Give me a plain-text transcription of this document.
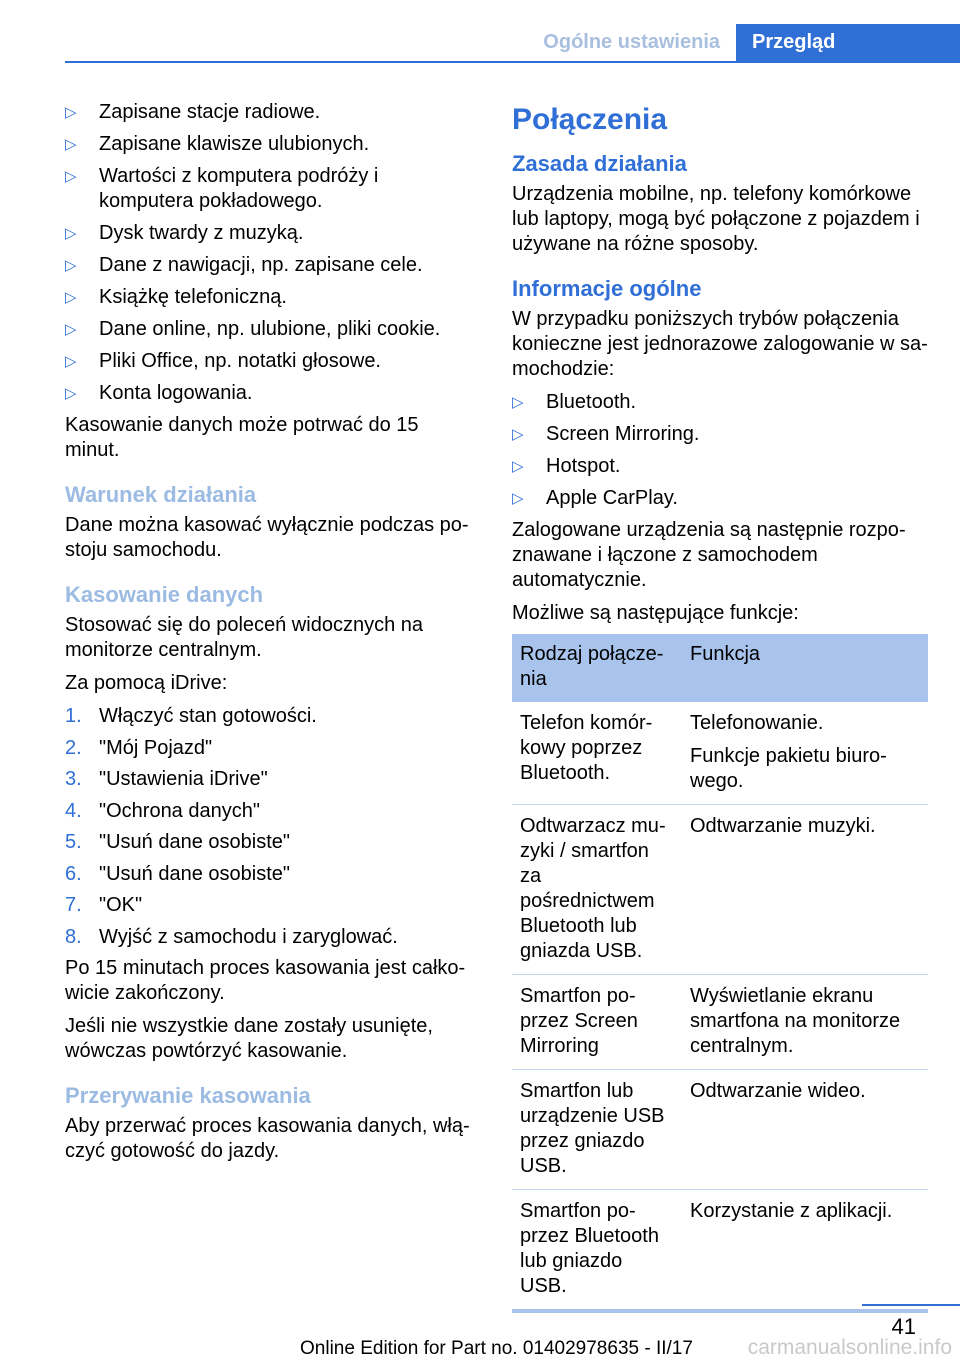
Ogólne ustawienia	Przegląd
▷ Zapisane stacje radiowe.
▷ Zapisane klawisze ulubionych.
▷ Wartości z komputera podróży i komputera pokładowego.
▷ Dysk twardy z muzyką.
▷ Dane z nawigacji, np. zapisane cele.
▷ Książkę telefoniczną.
▷ Dane online, np. ulubione, pliki cookie.
▷ Pliki Office, np. notatki głosowe.
▷ Konta logowania.

Kasowanie danych może potrwać do 15 minut.

Warunek działania

Dane można kasować wyłącznie podczas postoju samochodu.

Kasowanie danych

Stosować się do poleceń widocznych na monitorze centralnym.

Za pomocą iDrive:

1. Włączyć stan gotowości.
2. "Mój Pojazd"
3. "Ustawienia iDrive"
4. "Ochrona danych"
5. "Usuń dane osobiste"
6. "Usuń dane osobiste"
7. "OK"
8. Wyjść z samochodu i zaryglować.

Po 15 minutach proces kasowania jest całkowicie zakończony.

Jeśli nie wszystkie dane zostały usunięte, wówczas powtórzyć kasowanie.

Przerywanie kasowania

Aby przerwać proces kasowania danych, włączyć gotowość do jazdy.

Połączenia
Zasada działania

Urządzenia mobilne, np. telefony komórkowe lub laptopy, mogą być połączone z pojazdem i używane na różne sposoby.

Informacje ogólne

W przypadku poniższych trybów połączenia konieczne jest jednorazowe zalogowanie w samochodzie:

▷ Bluetooth.
▷ Screen Mirroring.
▷ Hotspot.
▷ Apple CarPlay.

Zalogowane urządzenia są następnie rozpoznawane i łączone z samochodem automatycznie.

Możliwe są następujące funkcje:

Rodzaj połączenia	Funkcja
Telefon komórkowy poprzez Bluetooth.	Telefonowanie.

Funkcje pakietu biurowego.

Odtwarzacz muzyki / smartfon za pośrednictwem Bluetooth lub gniazda USB.	Odtwarzanie muzyki.
Smartfon poprzez Screen Mirroring	Wyświetlanie ekranu smartfona na monitorze centralnym.
Smartfon lub urządzenie USB przez gniazdo USB.	Odtwarzanie wideo.
Smartfon poprzez Bluetooth lub gniazdo USB.	Korzystanie z aplikacji.
41
Online Edition for Part no. 01402978635 - II/17	carmanualsonline.info
